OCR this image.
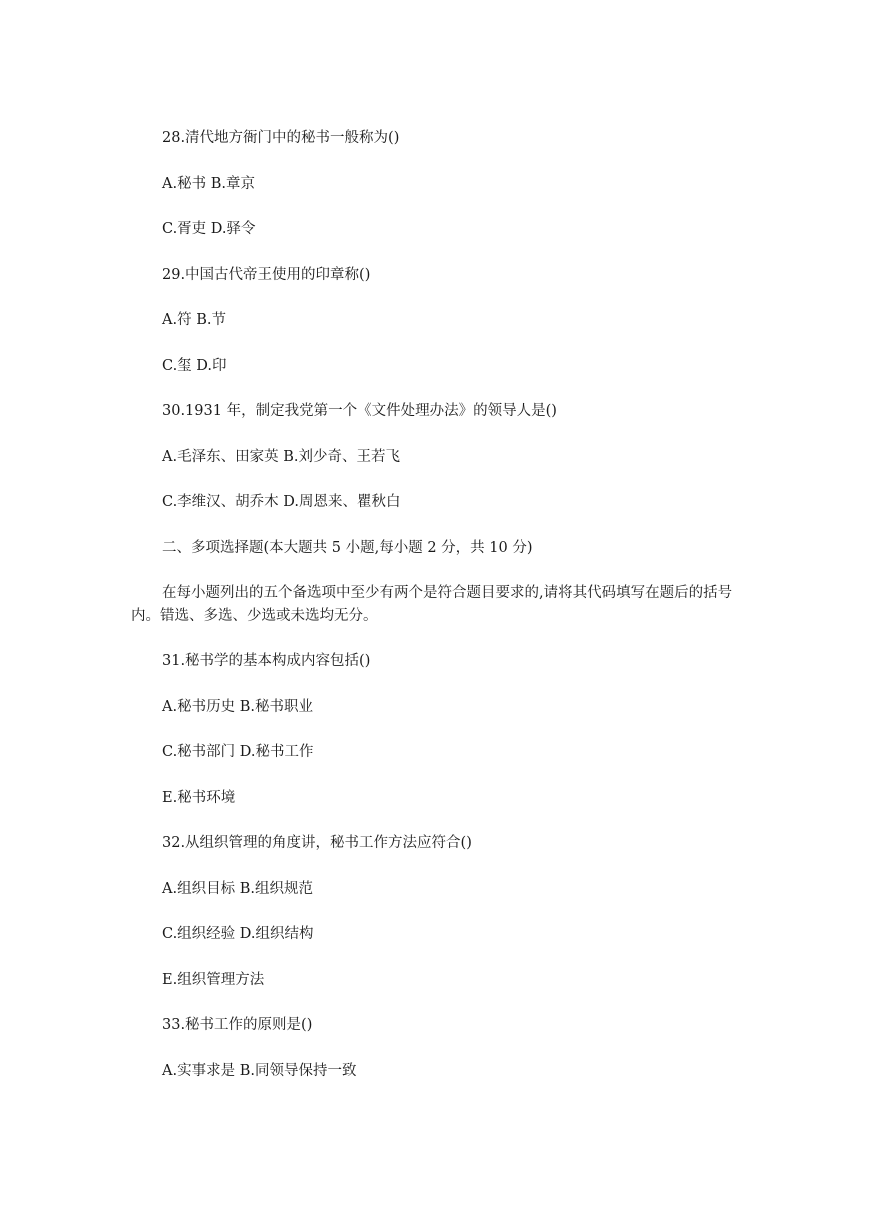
28.清代地方衙门中的秘书一般称为()
A.秘书 B.章京
C.胥吏 D.驿令
29.中国古代帝王使用的印章称()
A.符 B.节
C.玺 D.印
30.1931 年，制定我党第一个《文件处理办法》的领导人是()
A.毛泽东、田家英 B.刘少奇、王若飞
C.李维汉、胡乔木 D.周恩来、瞿秋白
二、多项选择题(本大题共 5 小题,每小题 2 分，共 10 分)
在每小题列出的五个备选项中至少有两个是符合题目要求的,请将其代码填写在题后的括号内。错选、多选、少选或未选均无分。
31.秘书学的基本构成内容包括()
A.秘书历史 B.秘书职业
C.秘书部门 D.秘书工作
E.秘书环境
32.从组织管理的角度讲，秘书工作方法应符合()
A.组织目标 B.组织规范
C.组织经验 D.组织结构
E.组织管理方法
33.秘书工作的原则是()
A.实事求是 B.同领导保持一致
